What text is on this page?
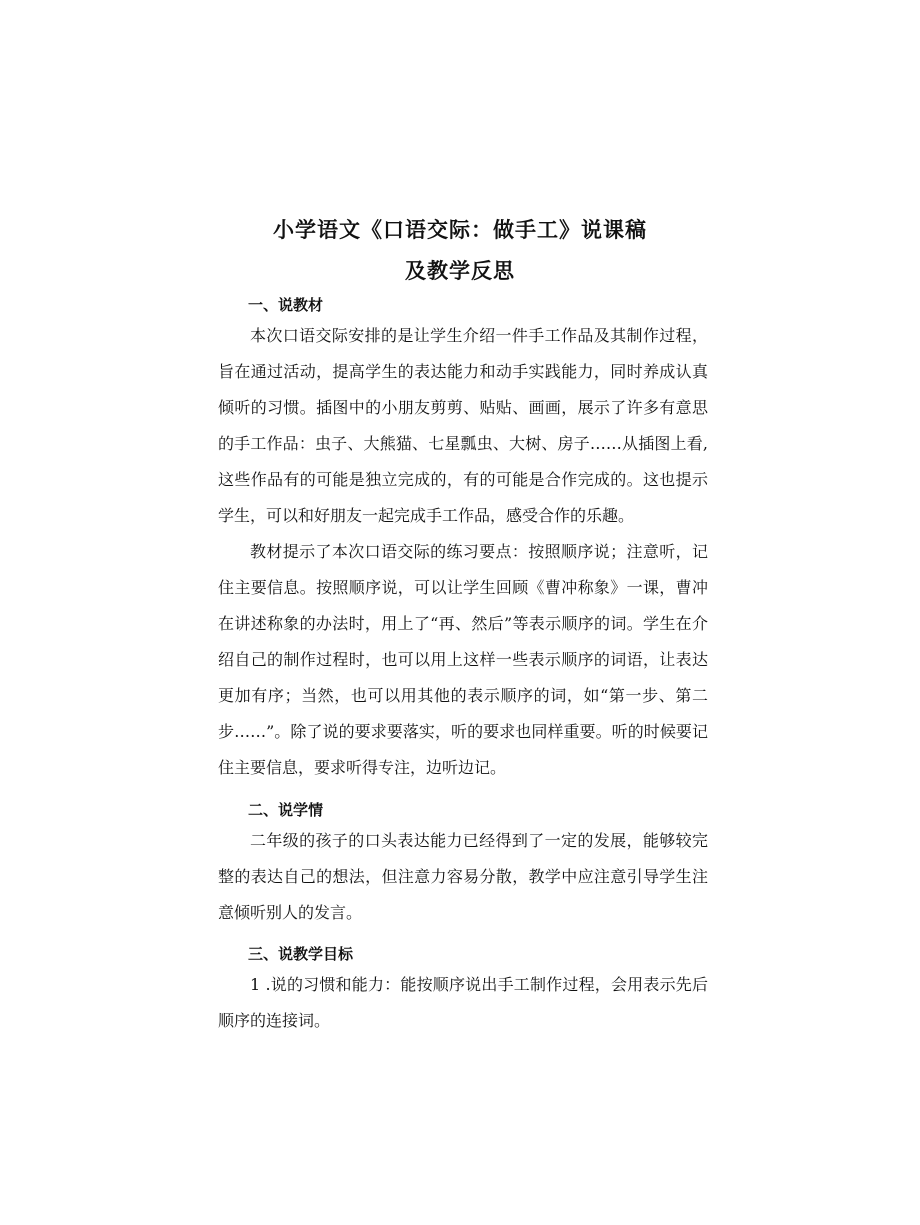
小学语文《口语交际：做手工》说课稿
及教学反思
一、说教材
本次口语交际安排的是让学生介绍一件手工作品及其制作过程，旨在通过活动，提高学生的表达能力和动手实践能力，同时养成认真倾听的习惯。插图中的小朋友剪剪、贴贴、画画，展示了许多有意思的手工作品：虫子、大熊猫、七星瓢虫、大树、房子……从插图上看,这些作品有的可能是独立完成的，有的可能是合作完成的。这也提示学生，可以和好朋友一起完成手工作品，感受合作的乐趣。
教材提示了本次口语交际的练习要点：按照顺序说；注意听，记住主要信息。按照顺序说，可以让学生回顾《曹冲称象》一课，曹冲在讲述称象的办法时，用上了“再、然后”等表示顺序的词。学生在介绍自己的制作过程时，也可以用上这样一些表示顺序的词语，让表达更加有序；当然，也可以用其他的表示顺序的词，如“第一步、第二步……”。除了说的要求要落实，听的要求也同样重要。听的时候要记住主要信息，要求听得专注，边听边记。
二、说学情
二年级的孩子的口头表达能力已经得到了一定的发展，能够较完整的表达自己的想法，但注意力容易分散，教学中应注意引导学生注意倾听别人的发言。
三、说教学目标
1 .说的习惯和能力：能按顺序说出手工制作过程，会用表示先后顺序的连接词。
